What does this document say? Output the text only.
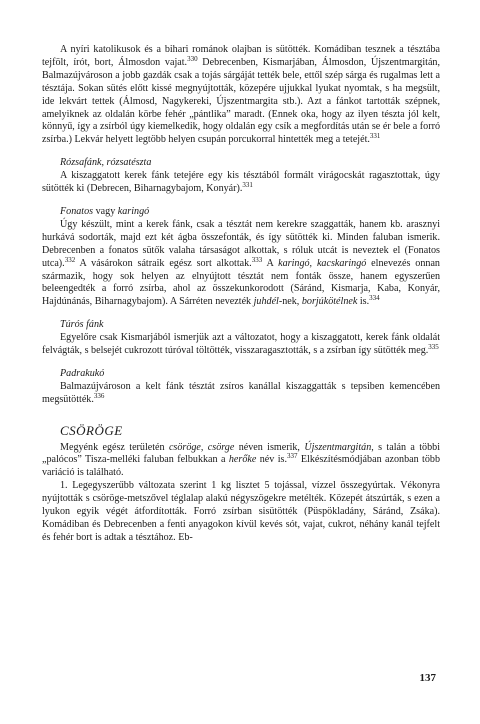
A nyíri katolikusok és a bihari románok olajban is sütötték. Komádiban tesznek a tésztába tejfölt, írót, bort, Álmosdon vajat.$^{330}$ Debrecenben, Kismarjában, Álmosdon, Újszentmargitán, Balmazújvároson a jobb gazdák csak a tojás sárgáját tették bele, ettől szép sárga és rugalmas lett a tésztája. Sokan sütés előtt kissé megnyújtották, közepére ujjukkal lyukat nyomtak, s ha megsült, ide lekvárt tettek (Álmosd, Nagykereki, Újszentmargita stb.). Azt a fánkot tartották szépnek, amelyiknek az oldalán körbe fehér „pántlika” maradt. (Ennek oka, hogy az ilyen tészta jól kelt, könnyű, így a zsírból úgy kiemelkedik, hogy oldalán egy csík a megfordítás után se ér bele a forró zsírba.) Lekvár helyett legtöbb helyen csupán porcukorral hintették meg a tetejét.$^{331}$

Rózsafánk, rózsatészta

A kiszaggatott kerek fánk tetejére egy kis tésztából formált virágocskát ragasztottak, úgy sütötték ki (Debrecen, Biharnagybajom, Konyár).$^{331}$

Fonatos vagy karingó

Úgy készült, mint a kerek fánk, csak a tésztát nem kerekre szaggatták, hanem kb. arasznyi hurkává sodorták, majd ezt két ágba összefonták, és így sütötték ki. Minden faluban ismerik. Debrecenben a fonatos sütők valaha társaságot alkottak, s róluk utcát is neveztek el (Fonatos utca).$^{332}$ A vásárokon sátraik egész sort alkottak.$^{333}$ A karingó, kacskaringó elnevezés onnan származik, hogy sok helyen az elnyújtott tésztát nem fonták össze, hanem egyszerűen beleengedték a forró zsírba, ahol az összekunkorodott (Sáránd, Kismarja, Kaba, Konyár, Hajdúnánás, Biharnagybajom). A Sárréten nevezték juhdél-nek, borjúkötélnek is.$^{334}$

Túrós fánk

Egyelőre csak Kismarjából ismerjük azt a változatot, hogy a kiszaggatott, kerek fánk oldalát felvágták, s belsejét cukrozott túróval töltötték, visszaragasztották, s a zsírban így sütötték meg.$^{335}$

Padrakukó

Balmazújvároson a kelt fánk tésztát zsíros kanállal kiszaggatták s tepsiben kemencében megsütötték.$^{336}$

CSÖRÖGE

Megyénk egész területén csöröge, csörge néven ismerik, Újszentmargitán, s talán a többi „palócos” Tisza-melléki faluban felbukkan a herőke név is.$^{337}$ Elkészítésmódjában azonban több variáció is található.

1. Legegyszerűbb változata szerint 1 kg lisztet 5 tojással, vízzel összegyúrtak. Vékonyra nyújtották s csöröge-metszővel téglalap alakú négyszögekre metélték. Közepét átszúrták, s ezen a lyukon egyik végét átfordították. Forró zsírban sisütötték (Püspökladány, Sáránd, Zsáka). Komádiban és Debrecenben a fenti anyagokon kívül kevés sót, vajat, cukrot, néhány kanál tejfelt és fehér bort is adtak a tésztához. Eb-

137
